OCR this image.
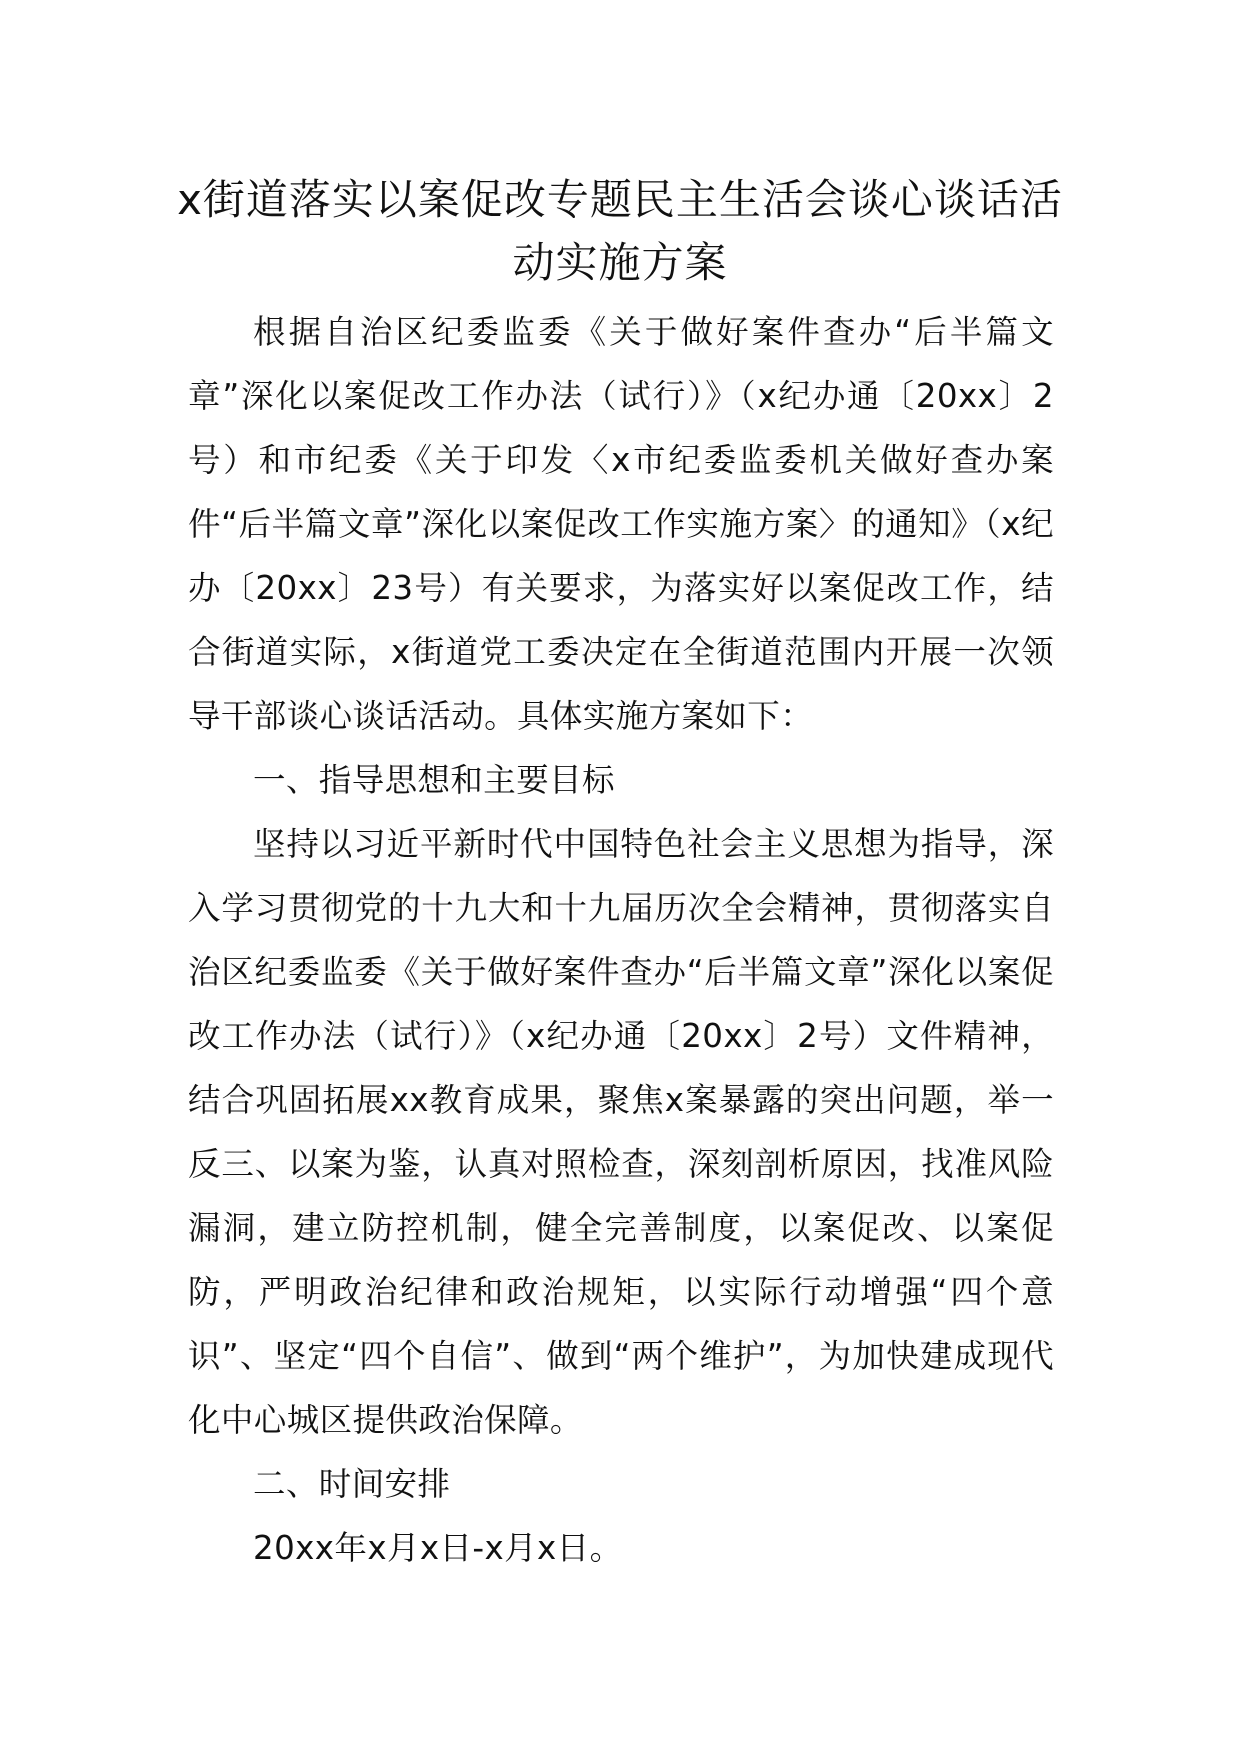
x街道落实以案促改专题民主生活会谈心谈话活动实施方案

根据自治区纪委监委《关于做好案件查办“后半篇文章”深化以案促改工作办法（试行）》（x纪办通〔20xx〕2号）和市纪委《关于印发〈x市纪委监委机关做好查办案件“后半篇文章”深化以案促改工作实施方案〉的通知》（x纪办〔20xx〕23号）有关要求，为落实好以案促改工作，结合街道实际，x街道党工委决定在全街道范围内开展一次领导干部谈心谈话活动。具体实施方案如下：

一、指导思想和主要目标

坚持以习近平新时代中国特色社会主义思想为指导，深入学习贯彻党的十九大和十九届历次全会精神，贯彻落实自治区纪委监委《关于做好案件查办“后半篇文章”深化以案促改工作办法（试行）》（x纪办通〔20xx〕2号）文件精神，结合巩固拓展xx教育成果，聚焦x案暴露的突出问题，举一反三、以案为鉴，认真对照检查，深刻剖析原因，找准风险漏洞，建立防控机制，健全完善制度，以案促改、以案促防，严明政治纪律和政治规矩，以实际行动增强“四个意识”、坚定“四个自信”、做到“两个维护”，为加快建成现代化中心城区提供政治保障。

二、时间安排

20xx年x月x日-x月x日。
